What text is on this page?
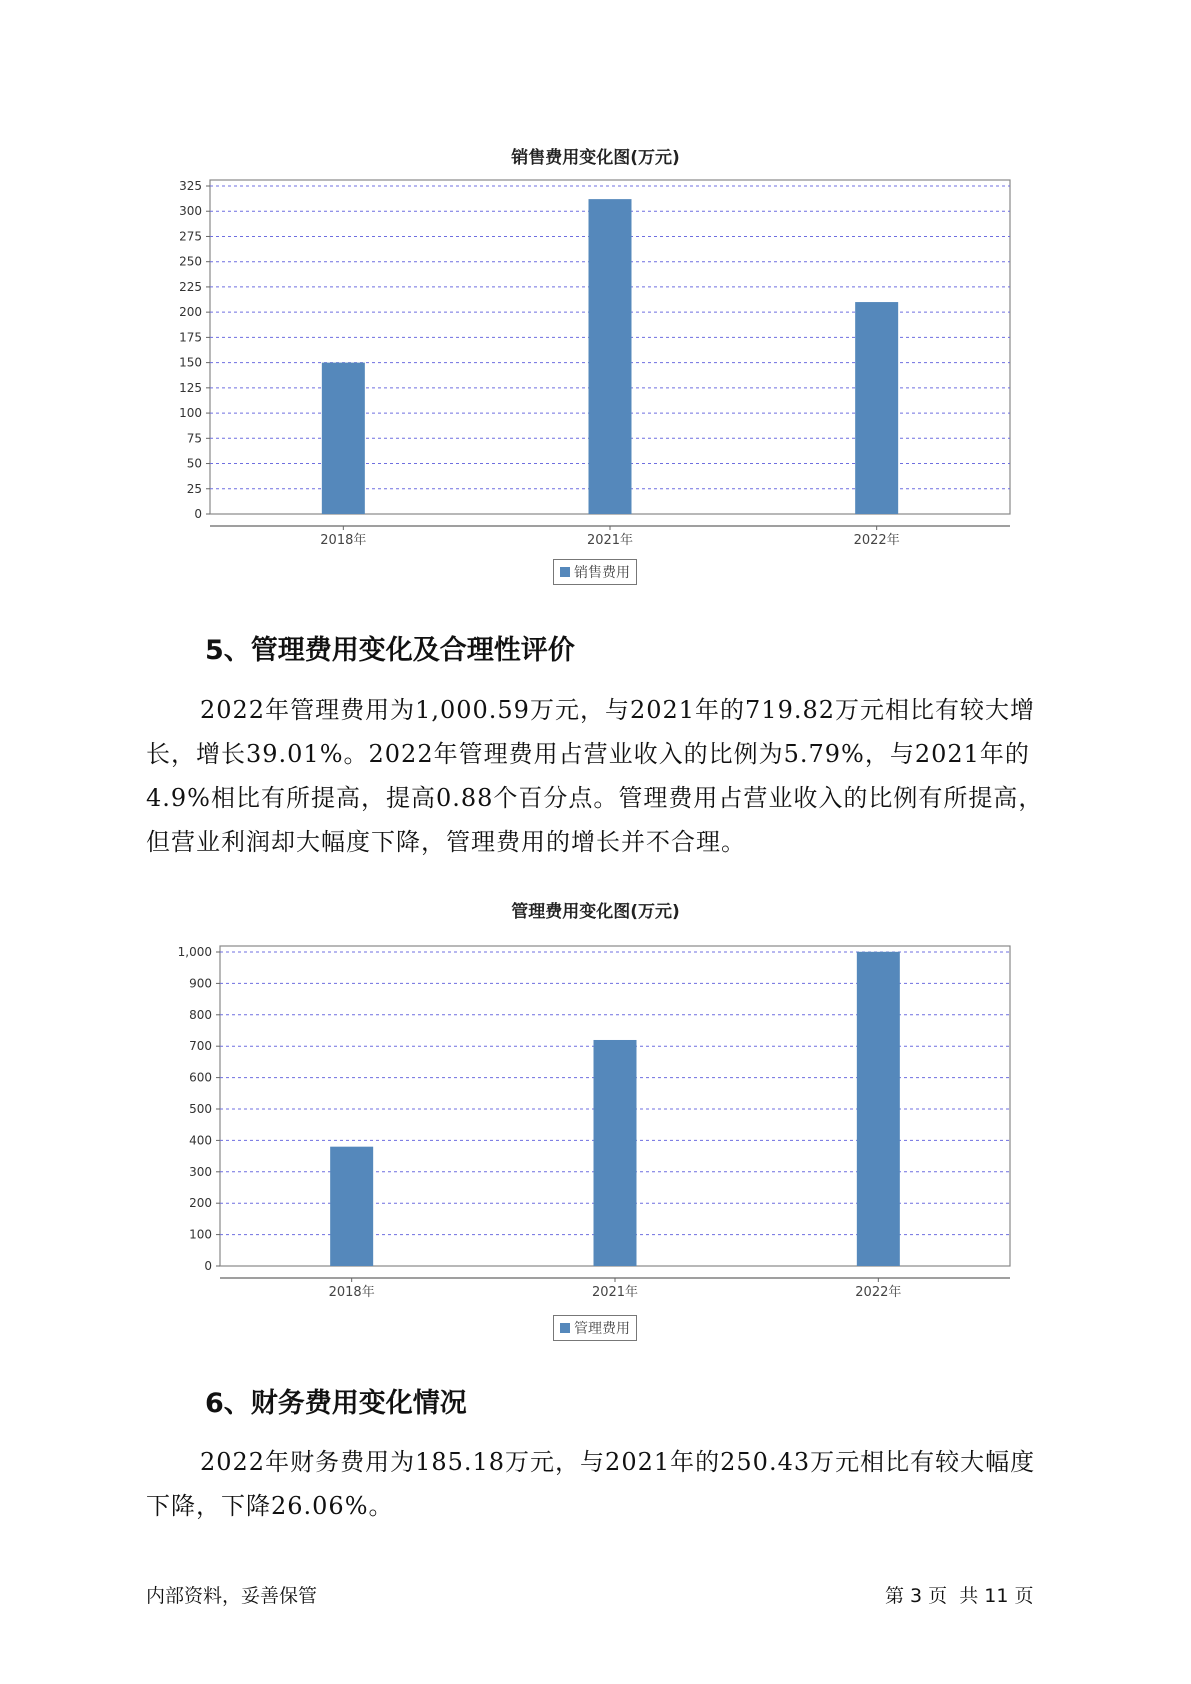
销售费用变化图(万元)
0
25
50
75
100
125
150
175
200
225
250
275
300
325
2018年	2021年	2022年
销售费用
5、管理费用变化及合理性评价

2022年管理费用为1,000.59万元，与2021年的719.82万元相比有较大增长，增长39.01%。2022年管理费用占营业收入的比例为5.79%，与2021年的4.9%相比有所提高，提高0.88个百分点。管理费用占营业收入的比例有所提高，但营业利润却大幅度下降，管理费用的增长并不合理。

管理费用变化图(万元)
0
100
200
300
400
500
600
700
800
900
1,000
2018年	2021年	2022年
管理费用
6、财务费用变化情况

2022年财务费用为185.18万元，与2021年的250.43万元相比有较大幅度下降，下降26.06%。

内部资料，妥善保管	第 3 页  共 11 页
